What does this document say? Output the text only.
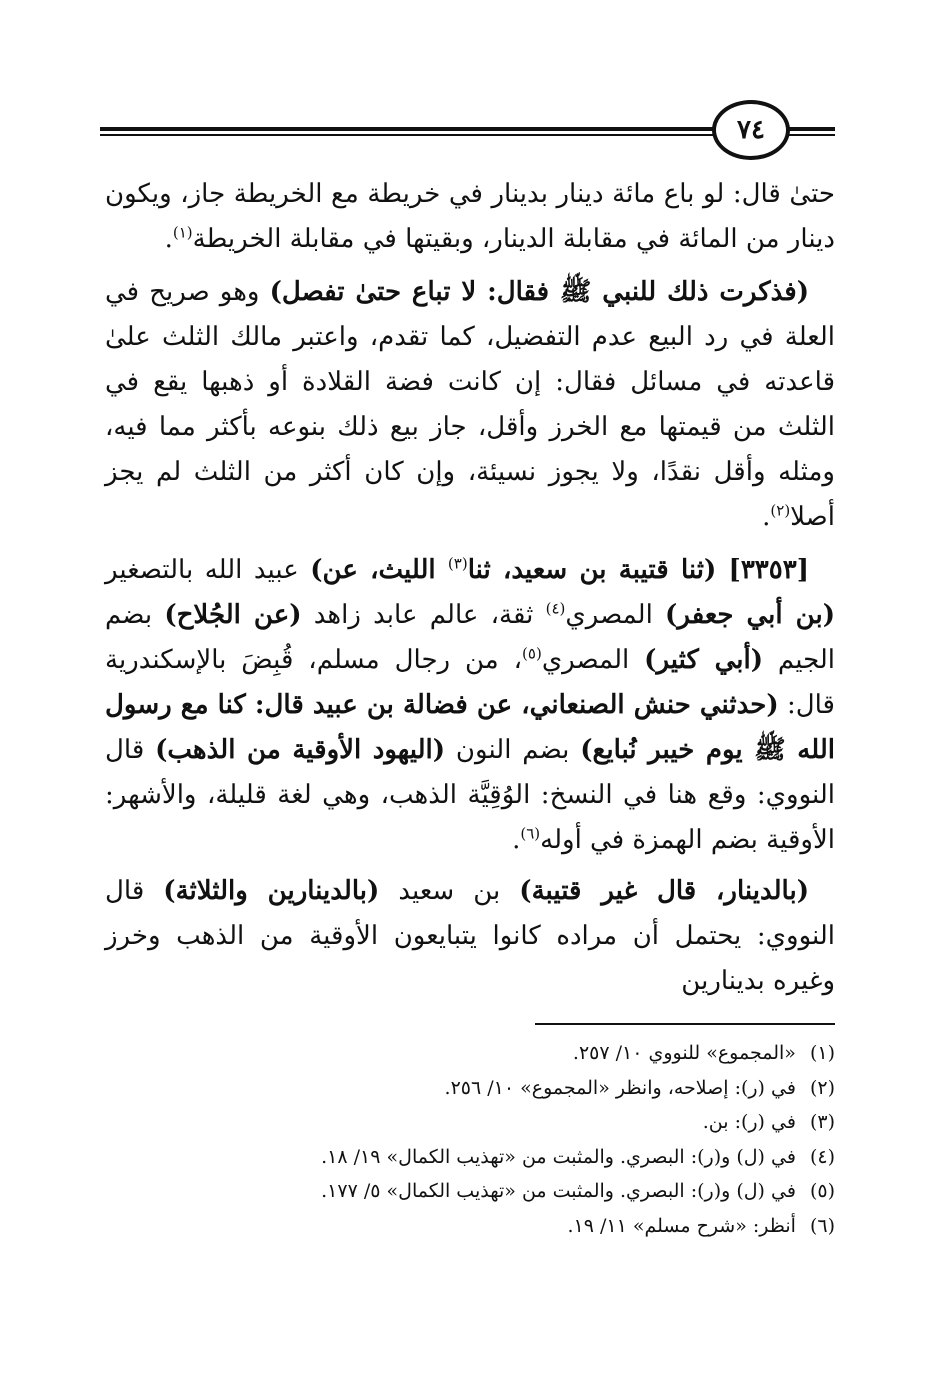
٧٤

حتىٰ قال: لو باع مائة دينار بدينار في خريطة مع الخريطة جاز، ويكون دينار من المائة في مقابلة الدينار، وبقيتها في مقابلة الخريطة$^{(١)}$.

(فذكرت ذلك للنبي ﷺ فقال: لا تباع حتىٰ تفصل) وهو صريح في العلة في رد البيع عدم التفضيل، كما تقدم، واعتبر مالك الثلث علىٰ قاعدته في مسائل فقال: إن كانت فضة القلادة أو ذهبها يقع في الثلث من قيمتها مع الخرز وأقل، جاز بيع ذلك بنوعه بأكثر مما فيه، ومثله وأقل نقدًا، ولا يجوز نسيئة، وإن كان أكثر من الثلث لم يجز أصلا$^{(٢)}$.

[٣٣٥٣] (ثنا قتيبة بن سعيد، ثنا$^{(٣)}$ الليث، عن) عبيد الله بالتصغير (بن أبي جعفر) المصري$^{(٤)}$ ثقة، عالم عابد زاهد (عن الجُلاح) بضم الجيم (أبي كثير) المصري$^{(٥)}$، من رجال مسلم، قُبِضَ بالإسكندرية قال: (حدثني حنش الصنعاني، عن فضالة بن عبيد قال: كنا مع رسول الله ﷺ يوم خيبر نُبايع) بضم النون (اليهود الأوقية من الذهب) قال النووي: وقع هنا في النسخ: الوُقِيَّة الذهب، وهي لغة قليلة، والأشهر: الأوقية بضم الهمزة في أوله$^{(٦)}$.

(بالدينار، قال غير قتيبة) بن سعيد (بالدينارين والثلاثة) قال النووي: يحتمل أن مراده كانوا يتبايعون الأوقية من الذهب وخرز وغيره بدينارين

(١)«المجموع» للنووي ١٠/ ٢٥٧.
(٢)في (ر): إصلاحه، وانظر «المجموع» ١٠/ ٢٥٦.
(٣)في (ر): بن.
(٤)في (ل) و(ر): البصري. والمثبت من «تهذيب الكمال» ١٩/ ١٨.
(٥)في (ل) و(ر): البصري. والمثبت من «تهذيب الكمال» ٥/ ١٧٧.
(٦)أنظر: «شرح مسلم» ١١/ ١٩.
